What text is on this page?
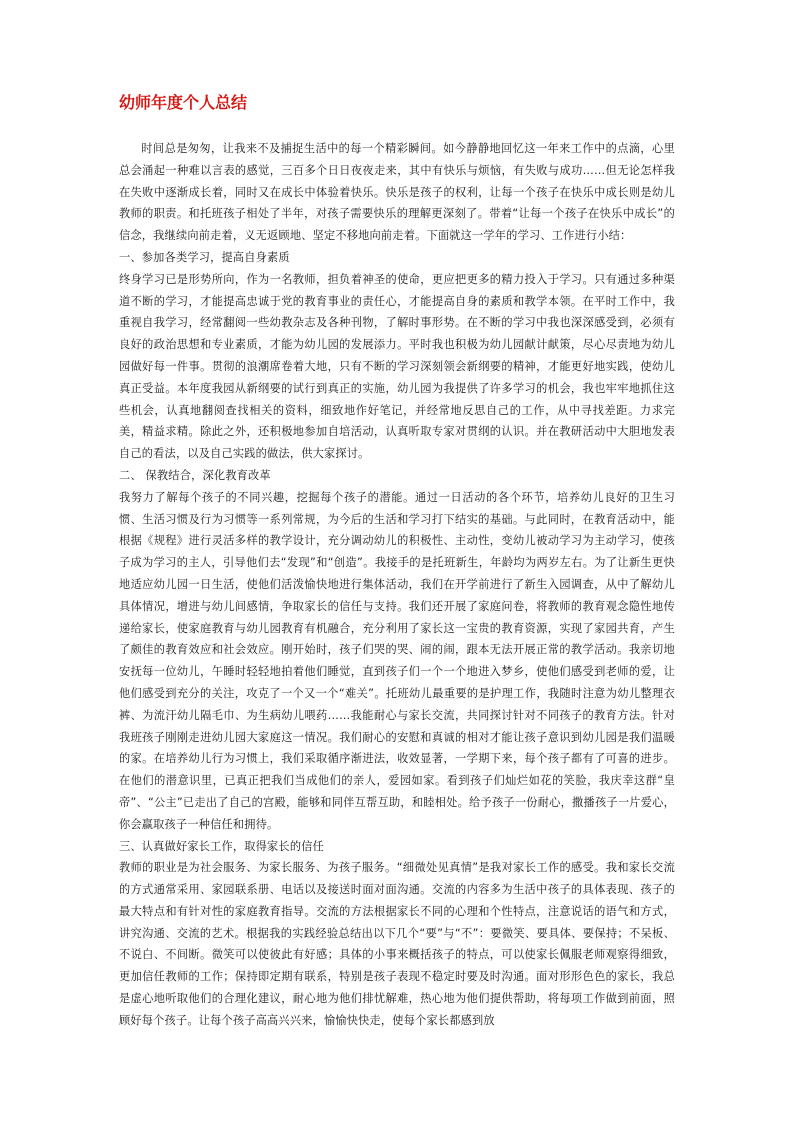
幼师年度个人总结

时间总是匆匆，让我来不及捕捉生活中的每一个精彩瞬间。如今静静地回忆这一年来工作中的点滴，心里总会涌起一种难以言表的感觉，三百多个日日夜夜走来，其中有快乐与烦恼，有失败与成功……但无论怎样我在失败中逐渐成长着，同时又在成长中体验着快乐。快乐是孩子的权利，让每一个孩子在快乐中成长则是幼儿教师的职责。和托班孩子相处了半年，对孩子需要快乐的理解更深刻了。带着“让每一个孩子在快乐中成长”的信念，我继续向前走着，义无返顾地、坚定不移地向前走着。下面就这一学年的学习、工作进行小结：

一、参加各类学习，提高自身素质

终身学习已是形势所向，作为一名教师，担负着神圣的使命，更应把更多的精力投入于学习。只有通过多种渠道不断的学习，才能提高忠诚于党的教育事业的责任心，才能提高自身的素质和教学本领。在平时工作中，我重视自我学习，经常翻阅一些幼教杂志及各种刊物，了解时事形势。在不断的学习中我也深深感受到，必须有良好的政治思想和专业素质，才能为幼儿园的发展添力。平时我也积极为幼儿园献计献策，尽心尽责地为幼儿园做好每一件事。贯彻的浪潮席卷着大地，只有不断的学习深刻领会新纲要的精神，才能更好地实践，使幼儿真正受益。本年度我园从新纲要的试行到真正的实施，幼儿园为我提供了许多学习的机会，我也牢牢地抓住这些机会，认真地翻阅查找相关的资料，细致地作好笔记，并经常地反思自己的工作，从中寻找差距。力求完美，精益求精。除此之外，还积极地参加自培活动，认真听取专家对贯纲的认识。并在教研活动中大胆地发表自己的看法，以及自己实践的做法，供大家探讨。

二、 保教结合，深化教育改革

我努力了解每个孩子的不同兴趣，挖掘每个孩子的潜能。通过一日活动的各个环节，培养幼儿良好的卫生习惯、生活习惯及行为习惯等一系列常规，为今后的生活和学习打下结实的基础。与此同时，在教育活动中，能根据《规程》进行灵活多样的教学设计，充分调动幼儿的积极性、主动性，变幼儿被动学习为主动学习，使孩子成为学习的主人，引导他们去“发现”和“创造”。我接手的是托班新生，年龄均为两岁左右。为了让新生更快地适应幼儿园一日生活，使他们活泼愉快地进行集体活动，我们在开学前进行了新生入园调查，从中了解幼儿具体情况，增进与幼儿间感情，争取家长的信任与支持。我们还开展了家庭问卷，将教师的教育观念隐性地传递给家长，使家庭教育与幼儿园教育有机融合，充分利用了家长这一宝贵的教育资源，实现了家园共育，产生了颇佳的教育效应和社会效应。刚开始时，孩子们哭的哭、闹的闹，跟本无法开展正常的教学活动。我亲切地安抚每一位幼儿，午睡时轻轻地拍着他们睡觉，直到孩子们一个一个地进入梦乡，使他们感受到老师的爱，让他们感受到充分的关注，攻克了一个又一个“难关”。托班幼儿最重要的是护理工作，我随时注意为幼儿整理衣裤、为流汗幼儿隔毛巾、为生病幼儿喂药……我能耐心与家长交流，共同探讨针对不同孩子的教育方法。针对我班孩子刚刚走进幼儿园大家庭这一情况。我们耐心的安慰和真诚的相对才能让孩子意识到幼儿园是我们温暖的家。在培养幼儿行为习惯上，我们采取循序渐进法，收效显著，一学期下来，每个孩子都有了可喜的进步。在他们的潜意识里，已真正把我们当成他们的亲人，爱园如家。看到孩子们灿烂如花的笑脸，我庆幸这群“皇帝”、“公主”已走出了自己的宫殿，能够和同伴互帮互助，和睦相处。给予孩子一份耐心，撒播孩子一片爱心，你会赢取孩子一种信任和拥待。

三、认真做好家长工作，取得家长的信任

教师的职业是为社会服务、为家长服务、为孩子服务。“细微处见真情”是我对家长工作的感受。我和家长交流的方式通常采用、家园联系册、电话以及接送时面对面沟通。交流的内容多为生活中孩子的具体表现、孩子的最大特点和有针对性的家庭教育指导。交流的方法根据家长不同的心理和个性特点，注意说话的语气和方式，讲究沟通、交流的艺术。根据我的实践经验总结出以下几个“要”与“不”：要微笑、要具体、要保持；不呆板、不说白、不间断。微笑可以使彼此有好感；具体的小事来概括孩子的特点，可以使家长佩服老师观察得细致，更加信任教师的工作；保持即定期有联系，特别是孩子表现不稳定时要及时沟通。面对形形色色的家长，我总是虚心地听取他们的合理化建议，耐心地为他们排忧解难，热心地为他们提供帮助，将每项工作做到前面，照顾好每个孩子。让每个孩子高高兴兴来，愉愉快快走，使每个家长都感到放
